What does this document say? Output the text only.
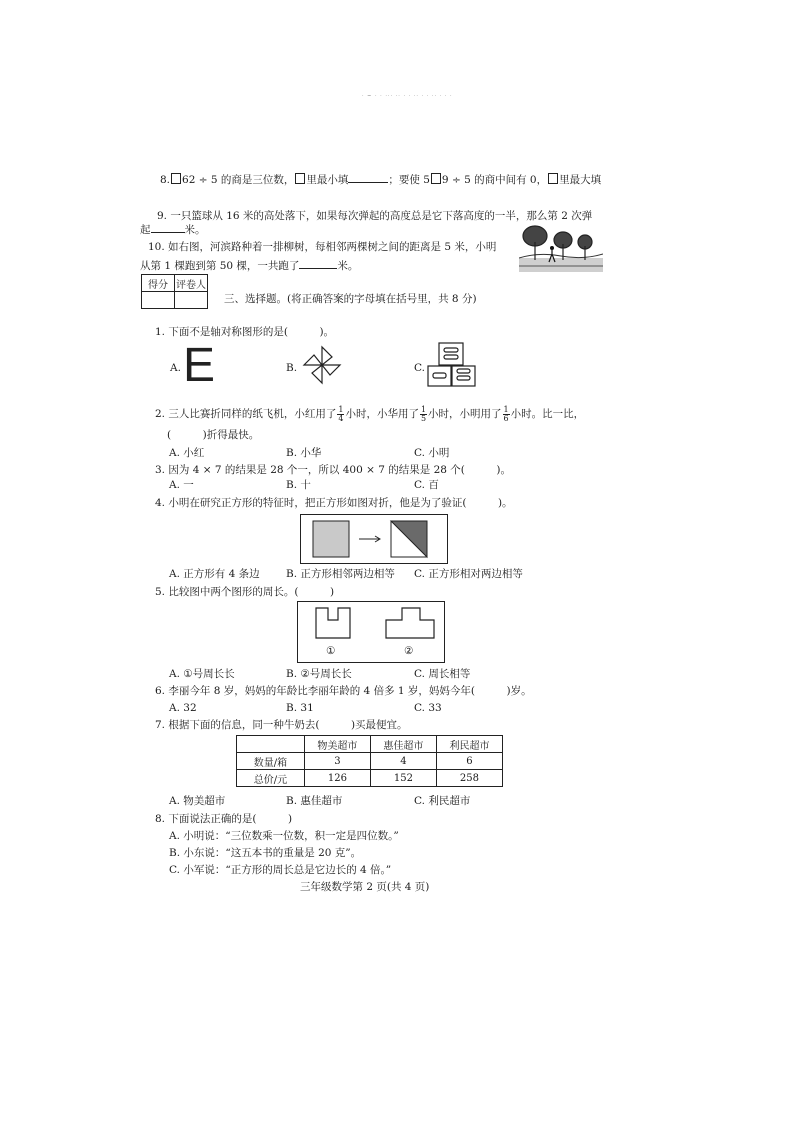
· ~ · · ··· ·· · · ·· · · ·· · · ·
8. 62 ÷ 5 的商是三位数， 里最小填	；要使 5 9 ÷ 5 的商中间有 0， 里最大填
9. 一只篮球从 16 米的高处落下，如果每次弹起的高度总是它下落高度的一半，那么第 2 次弹
起	米。
10. 如右图，河滨路种着一排柳树，每相邻两棵树之间的距离是 5 米，小明
从第 1 棵跑到第 50 棵，一共跑了	米。
得分	评卷人

三、选择题。(将正确答案的字母填在括号里，共 8 分)
1. 下面不是轴对称图形的是(　　　)。
A. E	B.	C.
2. 三人比赛折同样的纸飞机，小红用了 $\frac{1}{4}$ 小时，小华用了 $\frac{1}{5}$ 小时，小明用了 $\frac{1}{6}$ 小时。比一比，
(　　　)折得最快。
A. 小红	B. 小华	C. 小明
3. 因为 4 × 7 的结果是 28 个一，所以 400 × 7 的结果是 28 个(　　　)。
A. 一	B. 十	C. 百
4. 小明在研究正方形的特征时，把正方形如图对折，他是为了验证(　　　)。
A. 正方形有 4 条边	B. 正方形相邻两边相等 C. 正方形相对两边相等
5. 比较图中两个图形的周长。(　　　)
①	②
A. ①号周长长	B. ②号周长长	C. 周长相等
6. 李丽今年 8 岁，妈妈的年龄比李丽年龄的 4 倍多 1 岁，妈妈今年(　　　)岁。
A. 32	B. 31	C. 33
7. 根据下面的信息，同一种牛奶去(　　　)买最便宜。
	物美超市	惠佳超市	利民超市
数量/箱	3	4	6
总价/元	126	152	258
A. 物美超市	B. 惠佳超市	C. 利民超市
8. 下面说法正确的是(　　　)
A. 小明说：“三位数乘一位数，积一定是四位数。”
B. 小东说：“这五本书的重量是 20 克”。
C. 小军说：“正方形的周长总是它边长的 4 倍。”
三年级数学第 2 页(共 4 页)
